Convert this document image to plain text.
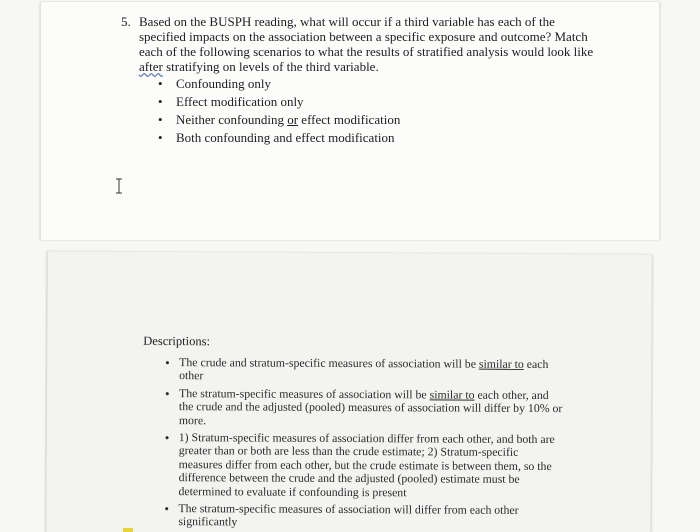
5. Based on the BUSPH reading, what will occur if a third variable has each of the specified impacts on the association between a specific exposure and outcome? Match each of the following scenarios to what the results of stratified analysis would look like after stratifying on levels of the third variable.
• Confounding only
• Effect modification only
• Neither confounding or effect modification
• Both confounding and effect modification
Descriptions:
• The crude and stratum-specific measures of association will be similar to each other
• The stratum-specific measures of association will be similar to each other, and the crude and the adjusted (pooled) measures of association will differ by 10% or more.
• 1) Stratum-specific measures of association differ from each other, and both are greater than or both are less than the crude estimate; 2) Stratum-specific measures differ from each other, but the crude estimate is between them, so the difference between the crude and the adjusted (pooled) estimate must be determined to evaluate if confounding is present
• The stratum-specific measures of association will differ from each other significantly
